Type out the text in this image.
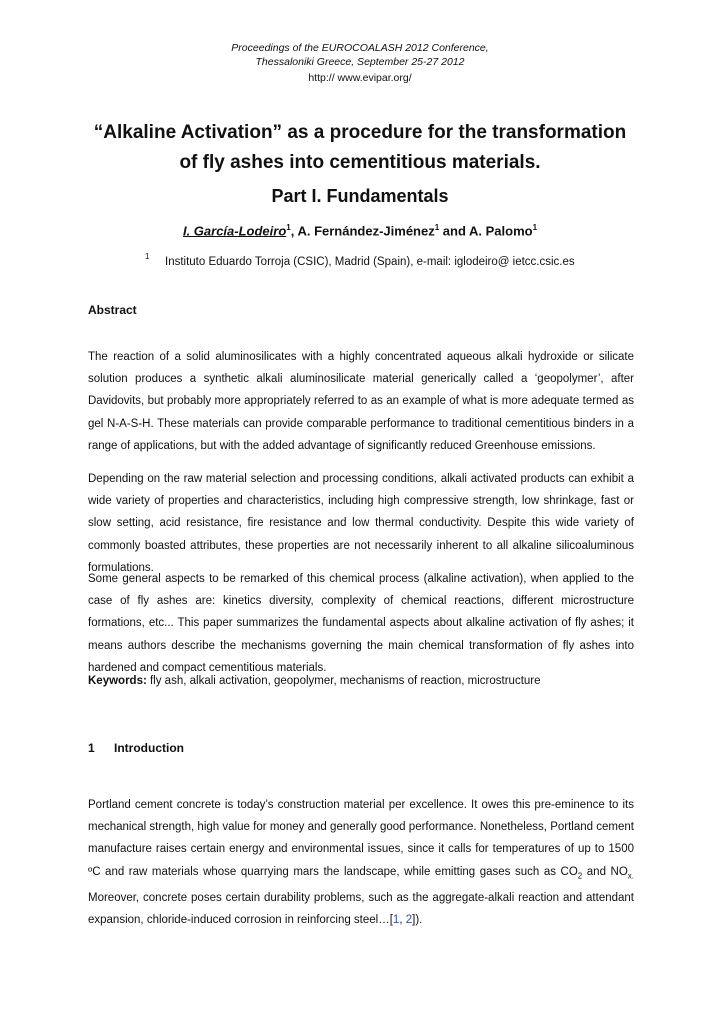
Proceedings of the EUROCOALASH 2012 Conference,
Thessaloniki Greece, September 25-27 2012
http:// www.evipar.org/
“Alkaline Activation” as a procedure for the transformation
of fly ashes into cementitious materials.
Part I. Fundamentals
I. García-Lodeiro$^1$, A. Fernández-Jiménez$^1$ and A. Palomo$^1$
1 Instituto Eduardo Torroja (CSIC), Madrid (Spain), e-mail: iglodeiro@ ietcc.csic.es
Abstract

The reaction of a solid aluminosilicates with a highly concentrated aqueous alkali hydroxide or silicate solution produces a synthetic alkali aluminosilicate material generically called a ‘geopolymer’, after Davidovits, but probably more appropriately referred to as an example of what is more adequate termed as gel N-A-S-H. These materials can provide comparable performance to traditional cementitious binders in a range of applications, but with the added advantage of significantly reduced Greenhouse emissions.

Depending on the raw material selection and processing conditions, alkali activated products can exhibit a wide variety of properties and characteristics, including high compressive strength, low shrinkage, fast or slow setting, acid resistance, fire resistance and low thermal conductivity. Despite this wide variety of commonly boasted attributes, these properties are not necessarily inherent to all alkaline silicoaluminous formulations.

Some general aspects to be remarked of this chemical process (alkaline activation), when applied to the case of fly ashes are: kinetics diversity, complexity of chemical reactions, different microstructure formations, etc... This paper summarizes the fundamental aspects about alkaline activation of fly ashes; it means authors describe the mechanisms governing the main chemical transformation of fly ashes into hardened and compact cementitious materials.

Keywords: fly ash, alkali activation, geopolymer, mechanisms of reaction, microstructure
1 Introduction

Portland cement concrete is today’s construction material per excellence. It owes this pre-eminence to its mechanical strength, high value for money and generally good performance. Nonetheless, Portland cement manufacture raises certain energy and environmental issues, since it calls for temperatures of up to 1500 ºC and raw materials whose quarrying mars the landscape, while emitting gases such as $CO_2$ and $NO_{x.}$ Moreover, concrete poses certain durability problems, such as the aggregate-alkali reaction and attendant expansion, chloride-induced corrosion in reinforcing steel…[1, 2]).
